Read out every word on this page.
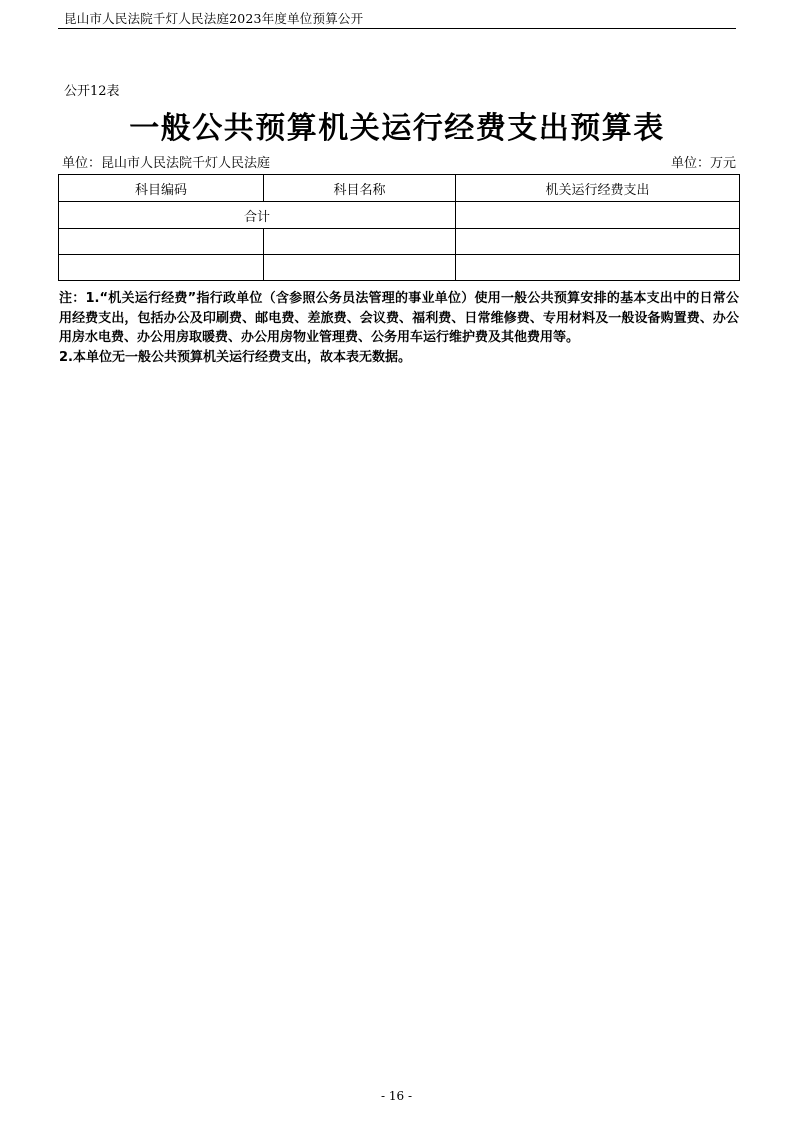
昆山市人民法院千灯人民法庭2023年度单位预算公开
公开12表
一般公共预算机关运行经费支出预算表
单位：昆山市人民法院千灯人民法庭	单位：万元
科目编码	科目名称	机关运行经费支出
合计		

注：1.“机关运行经费”指行政单位（含参照公务员法管理的事业单位）使用一般公共预算安排的基本支出中的日常公用经费支出，包括办公及印刷费、邮电费、差旅费、会议费、福利费、日常维修费、专用材料及一般设备购置费、办公用房水电费、办公用房取暖费、办公用房物业管理费、公务用车运行维护费及其他费用等。

2.本单位无一般公共预算机关运行经费支出，故本表无数据。

- 16 -
